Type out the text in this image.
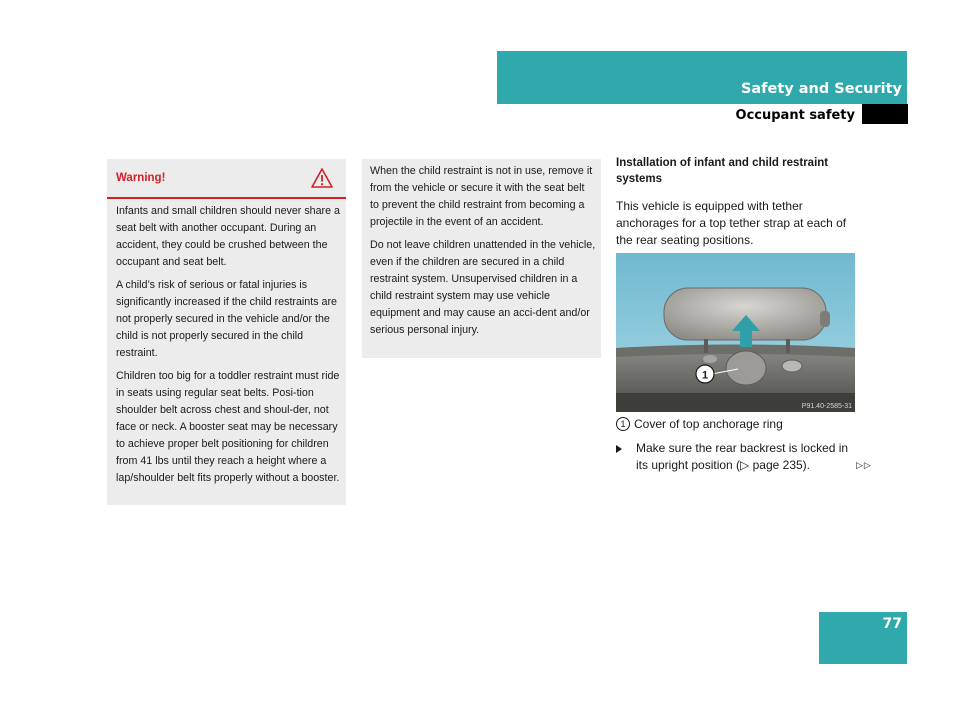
Safety and Security
Occupant safety
Warning!

Infants and small children should never share a seat belt with another occupant. During an accident, they could be crushed between the occupant and seat belt.

A child’s risk of serious or fatal injuries is significantly increased if the child restraints are not properly secured in the vehicle and/or the child is not properly secured in the child restraint.

Children too big for a toddler restraint must ride in seats using regular seat belts. Posi-tion shoulder belt across chest and shoul-der, not face or neck. A booster seat may be necessary to achieve proper belt positioning for children from 41 lbs until they reach a height where a lap/shoulder belt fits properly without a booster.

When the child restraint is not in use, remove it from the vehicle or secure it with the seat belt to prevent the child restraint from becoming a projectile in the event of an accident.

Do not leave children unattended in the vehicle, even if the children are secured in a child restraint system. Unsupervised children in a child restraint system may use vehicle equipment and may cause an acci-dent and/or serious personal injury.

Installation of infant and child restraint systems

This vehicle is equipped with tether anchorages for a top tether strap at each of the rear seating positions.

1
P91.40-2585-31
1 Cover of top anchorage ring
Make sure the rear backrest is locked in its upright position (▷ page 235).	▷▷
77
